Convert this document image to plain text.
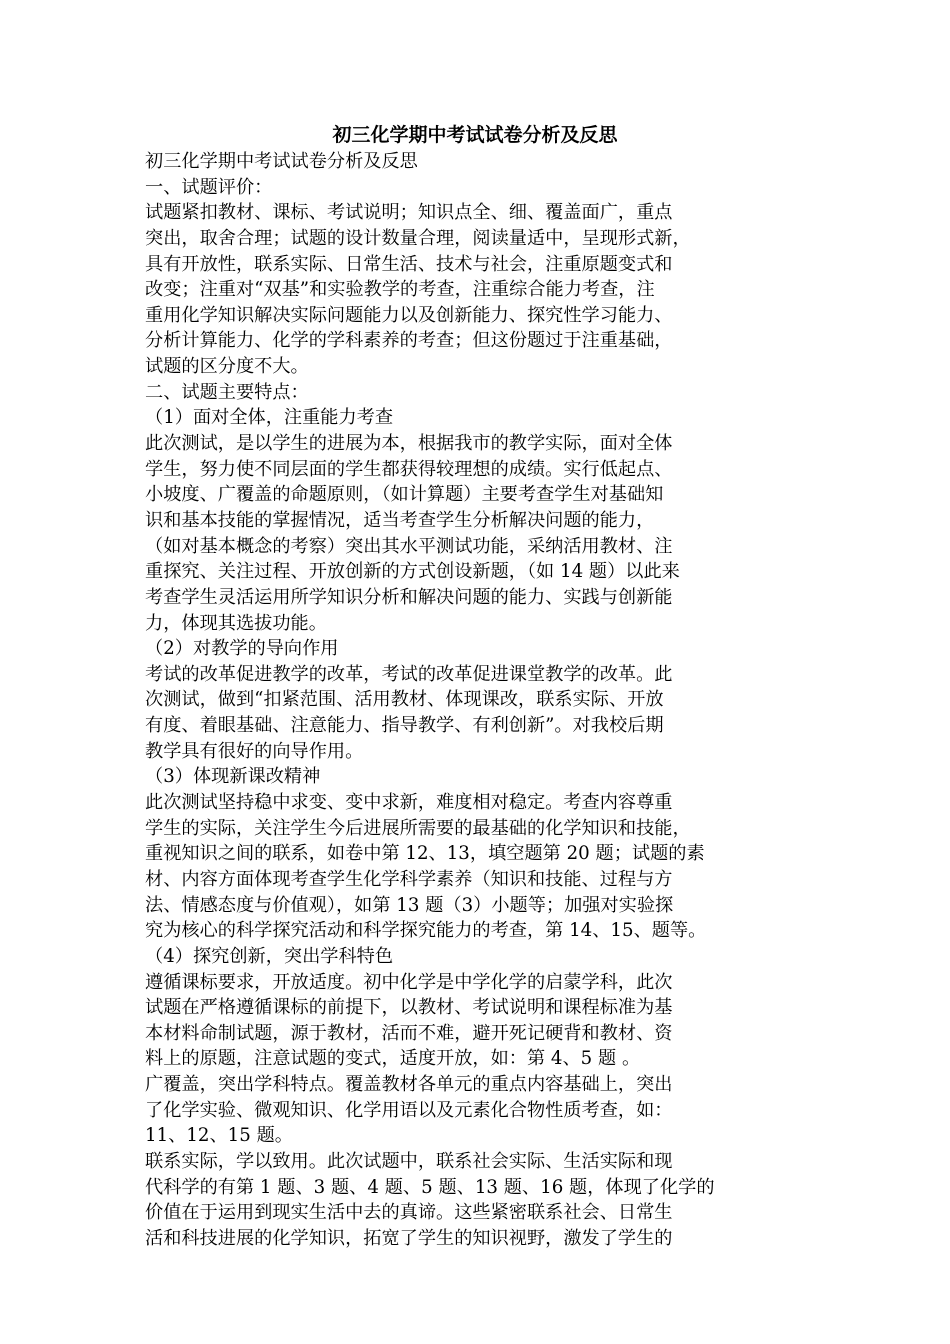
初三化学期中考试试卷分析及反思
初三化学期中考试试卷分析及反思
一、试题评价：
试题紧扣教材、课标、考试说明；知识点全、细、覆盖面广，重点
突出，取舍合理；试题的设计数量合理，阅读量适中，呈现形式新，
具有开放性，联系实际、日常生活、技术与社会，注重原题变式和
改变；注重对“双基”和实验教学的考查，注重综合能力考查，注
重用化学知识解决实际问题能力以及创新能力、探究性学习能力、
分析计算能力、化学的学科素养的考查；但这份题过于注重基础，
试题的区分度不大。
二、试题主要特点：
（1）面对全体，注重能力考查
此次测试，是以学生的进展为本，根据我市的教学实际，面对全体
学生，努力使不同层面的学生都获得较理想的成绩。实行低起点、
小坡度、广覆盖的命题原则，（如计算题）主要考查学生对基础知
识和基本技能的掌握情况，适当考查学生分析解决问题的能力，
（如对基本概念的考察）突出其水平测试功能，采纳活用教材、注
重探究、关注过程、开放创新的方式创设新题，（如 14 题）以此来
考查学生灵活运用所学知识分析和解决问题的能力、实践与创新能
力，体现其选拔功能。
（2）对教学的导向作用
考试的改革促进教学的改革，考试的改革促进课堂教学的改革。此
次测试，做到“扣紧范围、活用教材、体现课改，联系实际、开放
有度、着眼基础、注意能力、指导教学、有利创新”。对我校后期
教学具有很好的向导作用。
（3）体现新课改精神
此次测试坚持稳中求变、变中求新，难度相对稳定。考查内容尊重
学生的实际，关注学生今后进展所需要的最基础的化学知识和技能，
重视知识之间的联系，如卷中第 12、13，填空题第 20 题；试题的素
材、内容方面体现考查学生化学科学素养（知识和技能、过程与方
法、情感态度与价值观），如第 13 题（3）小题等；加强对实验探
究为核心的科学探究活动和科学探究能力的考查，第 14、15、题等。
（4）探究创新，突出学科特色
遵循课标要求，开放适度。初中化学是中学化学的启蒙学科，此次
试题在严格遵循课标的前提下，以教材、考试说明和课程标准为基
本材料命制试题，源于教材，活而不难，避开死记硬背和教材、资
料上的原题，注意试题的变式，适度开放，如：第 4、5 题 。
广覆盖，突出学科特点。覆盖教材各单元的重点内容基础上，突出
了化学实验、微观知识、化学用语以及元素化合物性质考查，如：
11、12、15 题。
联系实际，学以致用。此次试题中，联系社会实际、生活实际和现
代科学的有第 1 题、3 题、4 题、5 题、13 题、16 题，体现了化学的
价值在于运用到现实生活中去的真谛。这些紧密联系社会、日常生
活和科技进展的化学知识，拓宽了学生的知识视野，激发了学生的
